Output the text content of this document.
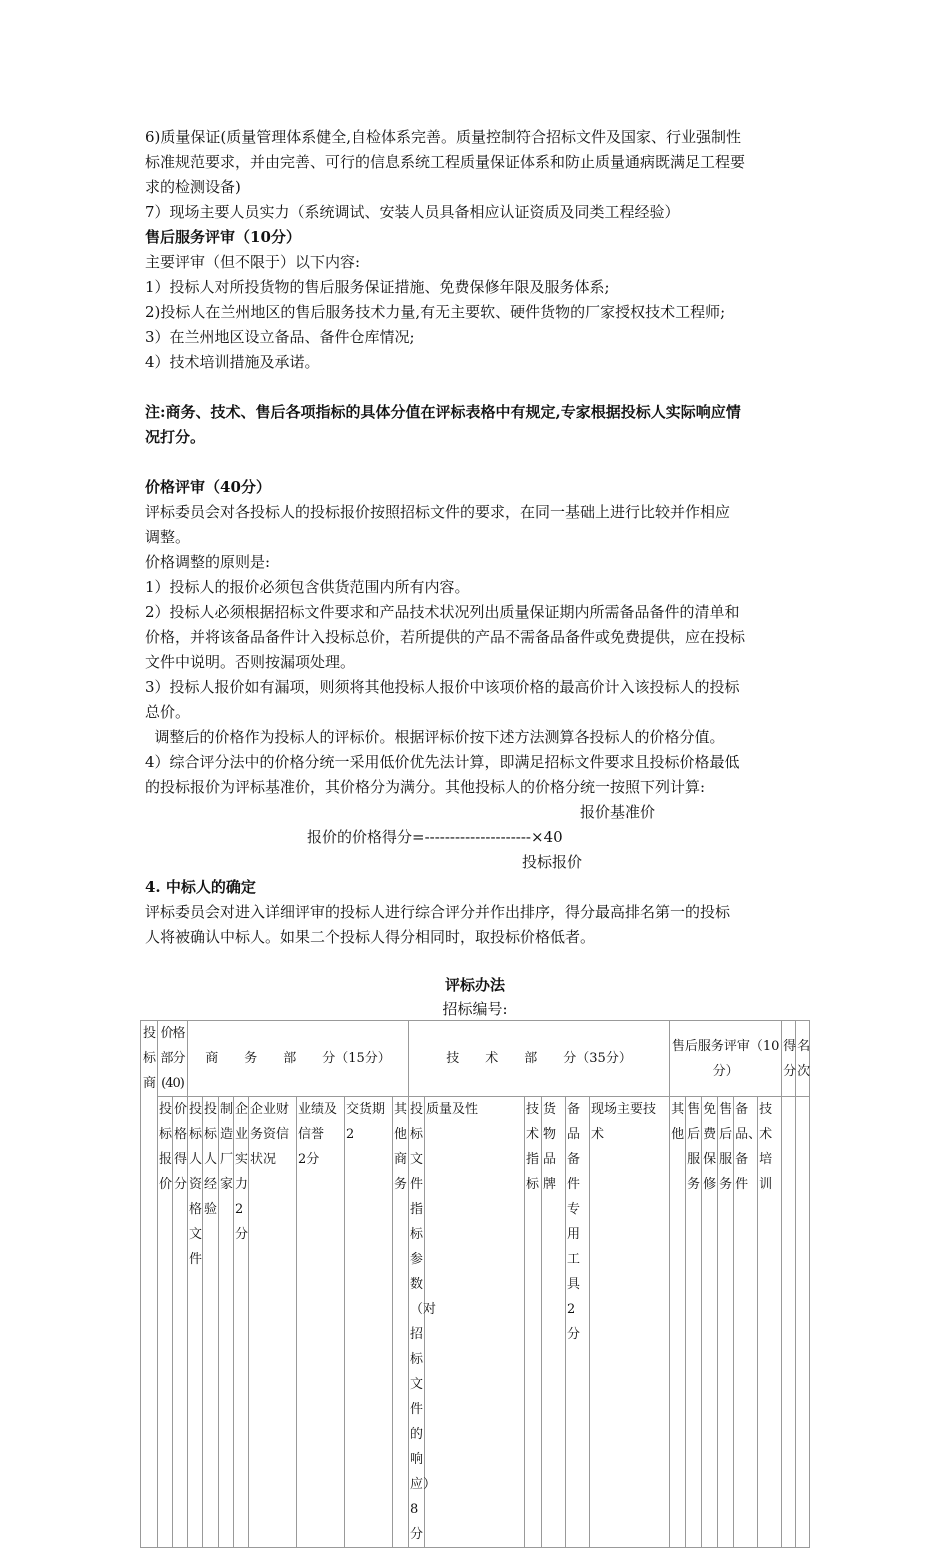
6)质量保证(质量管理体系健全,自检体系完善。质量控制符合招标文件及国家、行业强制性
标准规范要求，并由完善、可行的信息系统工程质量保证体系和防止质量通病既满足工程要
求的检测设备)
7）现场主要人员实力（系统调试、安装人员具备相应认证资质及同类工程经验）
售后服务评审（10分）
主要评审（但不限于）以下内容:
1）投标人对所投货物的售后服务保证措施、免费保修年限及服务体系;
2)投标人在兰州地区的售后服务技术力量,有无主要软、硬件货物的厂家授权技术工程师;
3）在兰州地区设立备品、备件仓库情况;
4）技术培训措施及承诺。
注:商务、技术、售后各项指标的具体分值在评标表格中有规定,专家根据投标人实际响应情
况打分。
价格评审（40分）
评标委员会对各投标人的投标报价按照招标文件的要求，在同一基础上进行比较并作相应
调整。
价格调整的原则是:
1）投标人的报价必须包含供货范围内所有内容。
2）投标人必须根据招标文件要求和产品技术状况列出质量保证期内所需备品备件的清单和
价格，并将该备品备件计入投标总价，若所提供的产品不需备品备件或免费提供，应在投标
文件中说明。否则按漏项处理。
3）投标人报价如有漏项，则须将其他投标人报价中该项价格的最高价计入该投标人的投标
总价。
调整后的价格作为投标人的评标价。根据评标价按下述方法测算各投标人的价格分值。
4）综合评分法中的价格分统一采用低价优先法计算，即满足招标文件要求且投标价格最低
的投标报价为评标基准价，其价格分为满分。其他投标人的价格分统一按照下列计算:
报价基准价
报价的价格得分=---------------------×40
投标报价
4. 中标人的确定
评标委员会对进入详细评审的投标人进行综合评分并作出排序，得分最高排名第一的投标
人将被确认中标人。如果二个投标人得分相同时，取投标价格低者。
评标办法
招标编号:
投标商	价格部分(40)		商　　务　　部　　分（15分）								技　　术　　部　　分（35分）						售后服务评审（10分）						得分	名次
	投标报价	价格得分	投标人资格文件	投标人经验	制造厂家	企业实力　2分	企业财务资信状况	业绩及信誉　2分	交货期2	其他商务	投标文件指标参数（对招标文件的响应）8分	质量及性	技术指标	货物品牌	备品备件专用工具　2分	现场主要技术	其他	售后服务	免费保修	售后服务	备品、备件	技术培训		
